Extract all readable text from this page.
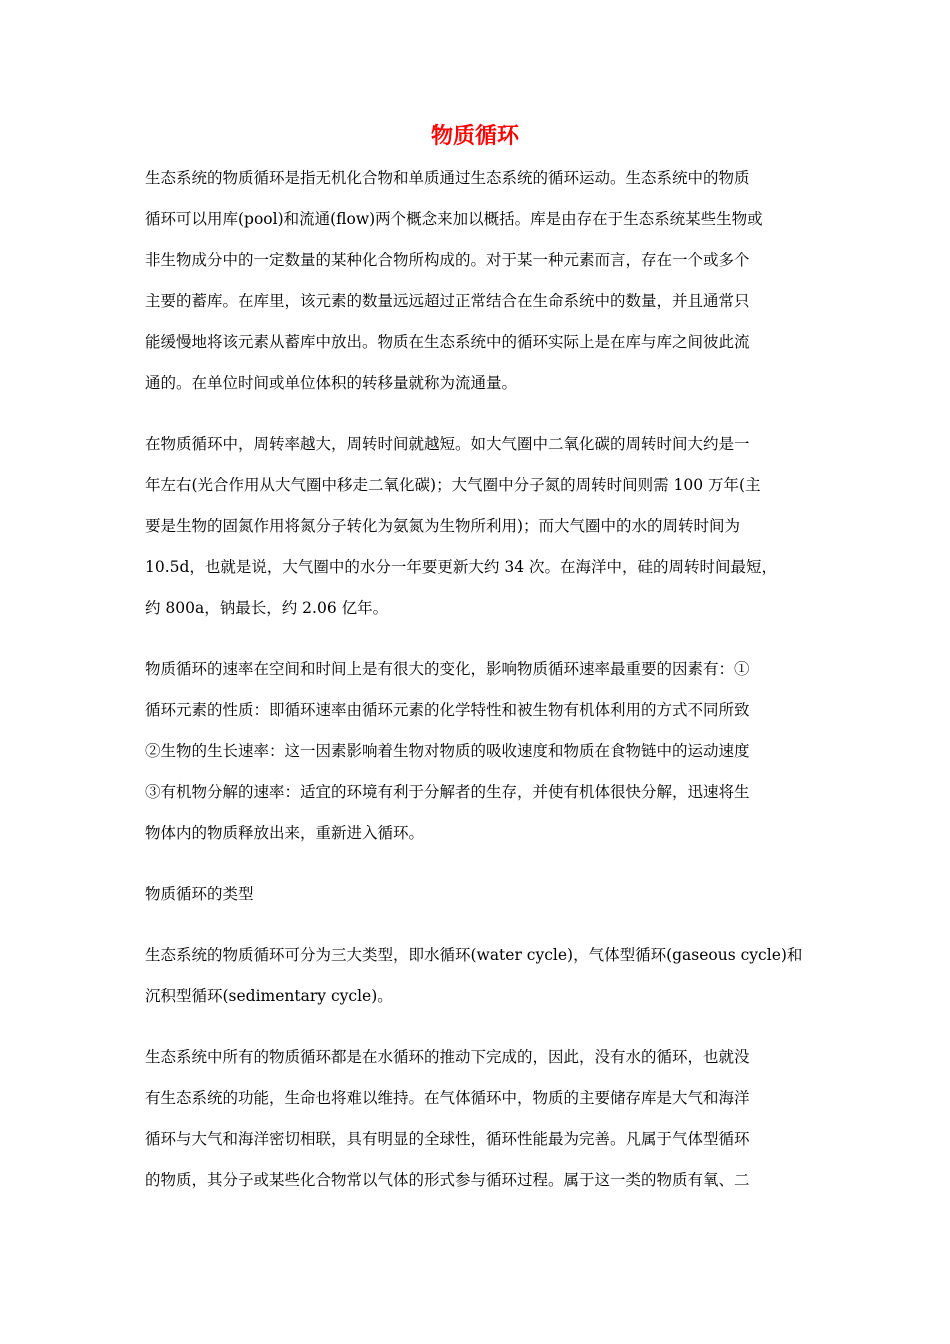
物质循环
生态系统的物质循环是指无机化合物和单质通过生态系统的循环运动。生态系统中的物质
循环可以用库(pool)和流通(flow)两个概念来加以概括。库是由存在于生态系统某些生物或
非生物成分中的一定数量的某种化合物所构成的。对于某一种元素而言，存在一个或多个
主要的蓄库。在库里，该元素的数量远远超过正常结合在生命系统中的数量，并且通常只
能缓慢地将该元素从蓄库中放出。物质在生态系统中的循环实际上是在库与库之间彼此流
通的。在单位时间或单位体积的转移量就称为流通量。
在物质循环中，周转率越大，周转时间就越短。如大气圈中二氧化碳的周转时间大约是一
年左右(光合作用从大气圈中移走二氧化碳)；大气圈中分子氮的周转时间则需 100 万年(主
要是生物的固氮作用将氮分子转化为氨氮为生物所利用)；而大气圈中的水的周转时间为
10.5d，也就是说，大气圈中的水分一年要更新大约 34 次。在海洋中，硅的周转时间最短，
约 800a，钠最长，约 2.06 亿年。
物质循环的速率在空间和时间上是有很大的变化，影响物质循环速率最重要的因素有：①
循环元素的性质：即循环速率由循环元素的化学特性和被生物有机体利用的方式不同所致
②生物的生长速率：这一因素影响着生物对物质的吸收速度和物质在食物链中的运动速度
③有机物分解的速率：适宜的环境有利于分解者的生存，并使有机体很快分解，迅速将生
物体内的物质释放出来，重新进入循环。
物质循环的类型
生态系统的物质循环可分为三大类型，即水循环(water cycle)，气体型循环(gaseous cycle)和
沉积型循环(sedimentary cycle)。
生态系统中所有的物质循环都是在水循环的推动下完成的，因此，没有水的循环，也就没
有生态系统的功能，生命也将难以维持。在气体循环中，物质的主要储存库是大气和海洋
循环与大气和海洋密切相联，具有明显的全球性，循环性能最为完善。凡属于气体型循环
的物质，其分子或某些化合物常以气体的形式参与循环过程。属于这一类的物质有氧、二
